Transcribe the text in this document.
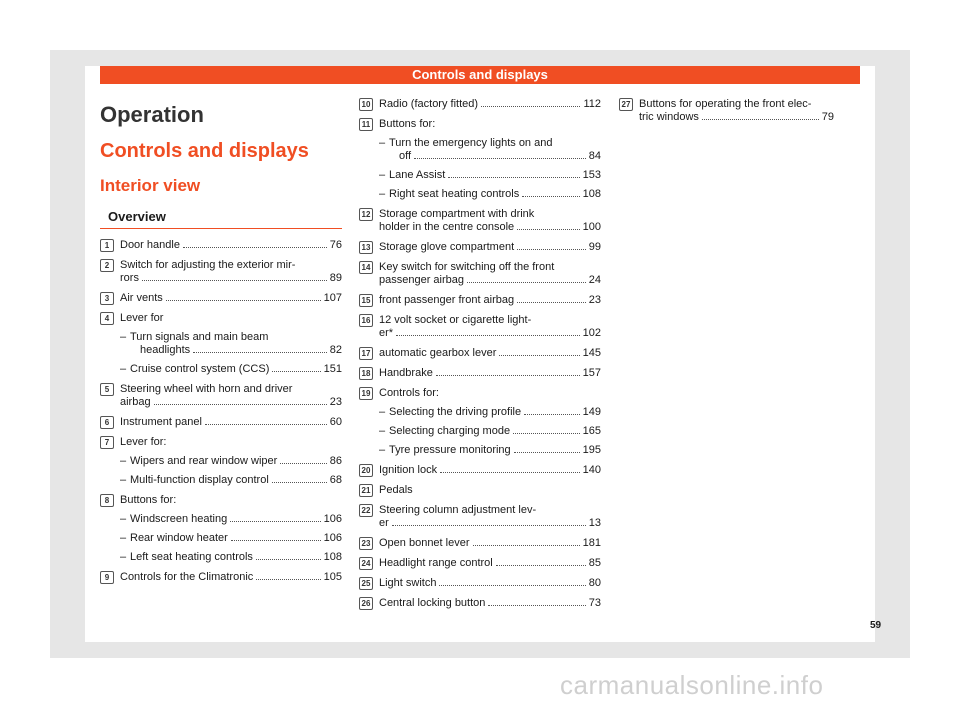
Controls and displays
Operation
Controls and displays
Interior view
Overview
1 Door handle	76
2 Switch for adjusting the exterior mir-
rors	89
3 Air vents	107
4 Lever for
– Turn signals and main beam
headlights	82
– Cruise control system (CCS)	151
5 Steering wheel with horn and driver
airbag	23
6 Instrument panel	60
7 Lever for:
– Wipers and rear window wiper	86
– Multi-function display control	68
8 Buttons for:
– Windscreen heating	106
– Rear window heater	106
– Left seat heating controls	108
9 Controls for the Climatronic	105
10 Radio (factory fitted)	112
11 Buttons for:
– Turn the emergency lights on and
off	84
– Lane Assist	153
– Right seat heating controls	108
12 Storage compartment with drink
holder in the centre console	100
13 Storage glove compartment	99
14 Key switch for switching off the front
passenger airbag	24
15 front passenger front airbag	23
16 12 volt socket or cigarette light-
er*	102
17 automatic gearbox lever	145
18 Handbrake	157
19 Controls for:
– Selecting the driving profile	149
– Selecting charging mode	165
– Tyre pressure monitoring	195
20 Ignition lock	140
21 Pedals
22 Steering column adjustment lev-
er	13
23 Open bonnet lever	181
24 Headlight range control	85
25 Light switch	80
26 Central locking button	73
27 Buttons for operating the front elec-
tric windows	79
59
carmanualsonline.info
